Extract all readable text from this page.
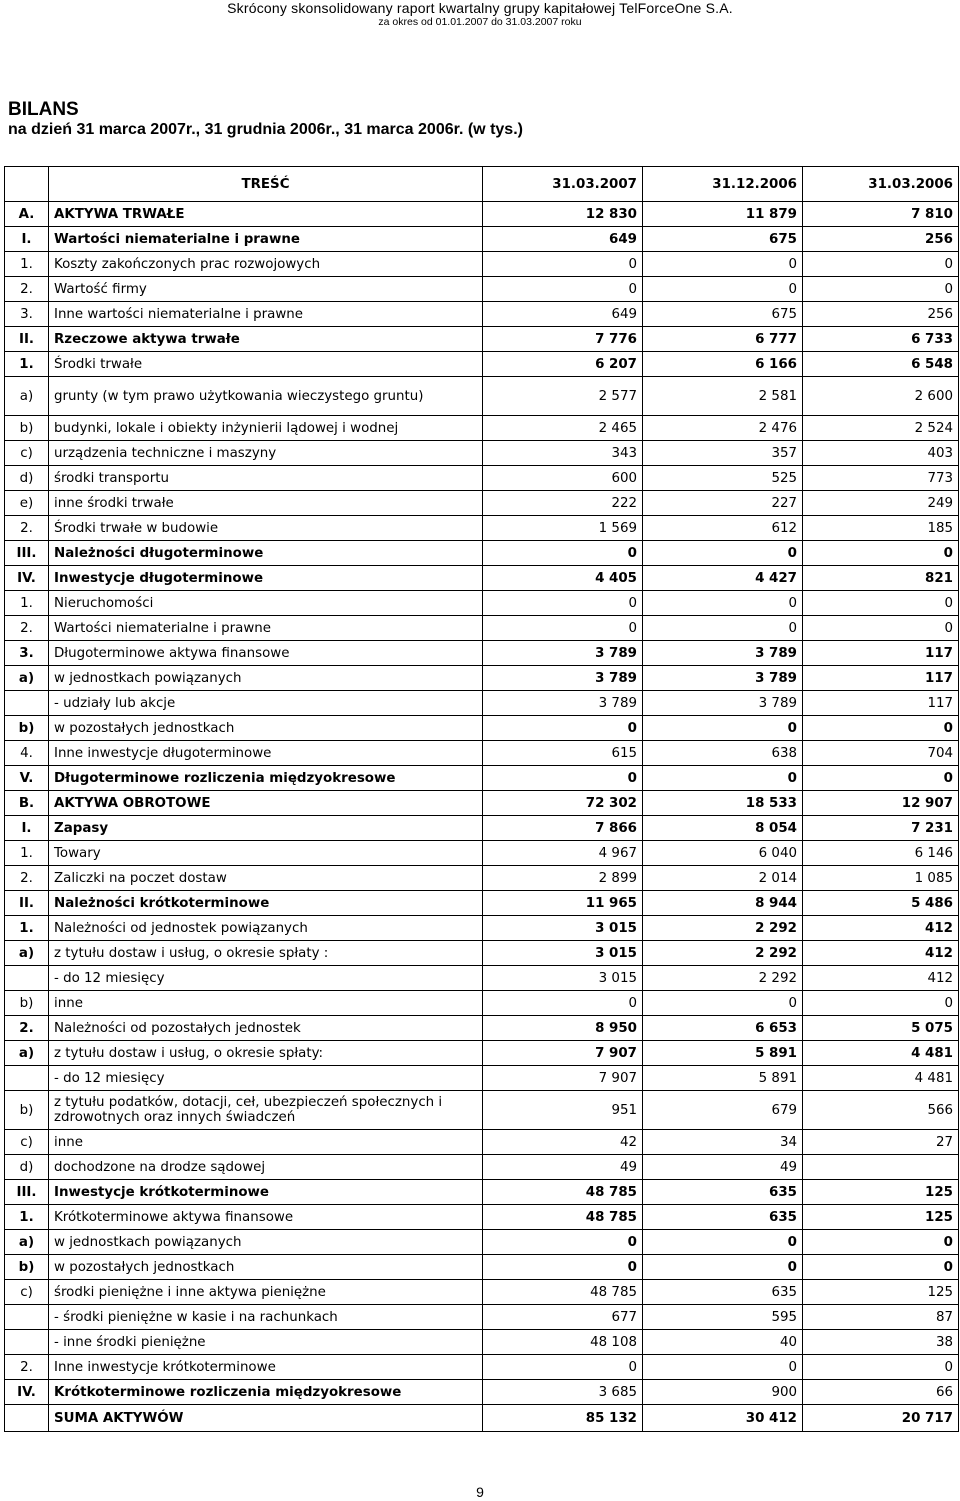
Skrócony skonsolidowany raport kwartalny grupy kapitałowej TelForceOne S.A.
za okres od 01.01.2007 do 31.03.2007 roku
BILANS
na dzień 31 marca 2007r., 31 grudnia 2006r., 31 marca 2006r. (w tys.)
	TREŚĆ	31.03.2007	31.12.2006	31.03.2006
A.	AKTYWA TRWAŁE	12 830	11 879	7 810
I.	Wartości niematerialne i prawne	649	675	256
1.	Koszty zakończonych prac rozwojowych	0	0	0
2.	Wartość firmy	0	0	0
3.	Inne wartości niematerialne i prawne	649	675	256
II.	Rzeczowe aktywa trwałe	7 776	6 777	6 733
1.	Środki trwałe	6 207	6 166	6 548
a)	grunty (w tym prawo użytkowania wieczystego gruntu)	2 577	2 581	2 600
b)	budynki, lokale i obiekty inżynierii lądowej i wodnej	2 465	2 476	2 524
c)	urządzenia techniczne i maszyny	343	357	403
d)	środki transportu	600	525	773
e)	inne środki trwałe	222	227	249
2.	Środki trwałe w budowie	1 569	612	185
III.	Należności długoterminowe	0	0	0
IV.	Inwestycje długoterminowe	4 405	4 427	821
1.	Nieruchomości	0	0	0
2.	Wartości niematerialne i prawne	0	0	0
3.	Długoterminowe aktywa finansowe	3 789	3 789	117
a)	w jednostkach powiązanych	3 789	3 789	117
	- udziały lub akcje	3 789	3 789	117
b)	w pozostałych jednostkach	0	0	0
4.	Inne inwestycje długoterminowe	615	638	704
V.	Długoterminowe rozliczenia międzyokresowe	0	0	0
B.	AKTYWA OBROTOWE	72 302	18 533	12 907
I.	Zapasy	7 866	8 054	7 231
1.	Towary	4 967	6 040	6 146
2.	Zaliczki na poczet dostaw	2 899	2 014	1 085
II.	Należności krótkoterminowe	11 965	8 944	5 486
1.	Należności od jednostek powiązanych	3 015	2 292	412
a)	z tytułu dostaw i usług, o okresie spłaty :	3 015	2 292	412
	- do 12 miesięcy	3 015	2 292	412
b)	inne	0	0	0
2.	Należności od pozostałych jednostek	8 950	6 653	5 075
a)	z tytułu dostaw i usług, o okresie spłaty:	7 907	5 891	4 481
	- do 12 miesięcy	7 907	5 891	4 481
b)	z tytułu podatków, dotacji, ceł, ubezpieczeń społecznych i zdrowotnych oraz innych świadczeń	951	679	566
c)	inne	42	34	27
d)	dochodzone na drodze sądowej	49	49	
III.	Inwestycje krótkoterminowe	48 785	635	125
1.	Krótkoterminowe aktywa finansowe	48 785	635	125
a)	w jednostkach powiązanych	0	0	0
b)	w pozostałych jednostkach	0	0	0
c)	środki pieniężne i inne aktywa pieniężne	48 785	635	125
	- środki pieniężne w kasie i na rachunkach	677	595	87
	- inne środki pieniężne	48 108	40	38
2.	Inne inwestycje krótkoterminowe	0	0	0
IV.	Krótkoterminowe rozliczenia międzyokresowe	3 685	900	66
	SUMA AKTYWÓW	85 132	30 412	20 717
9
